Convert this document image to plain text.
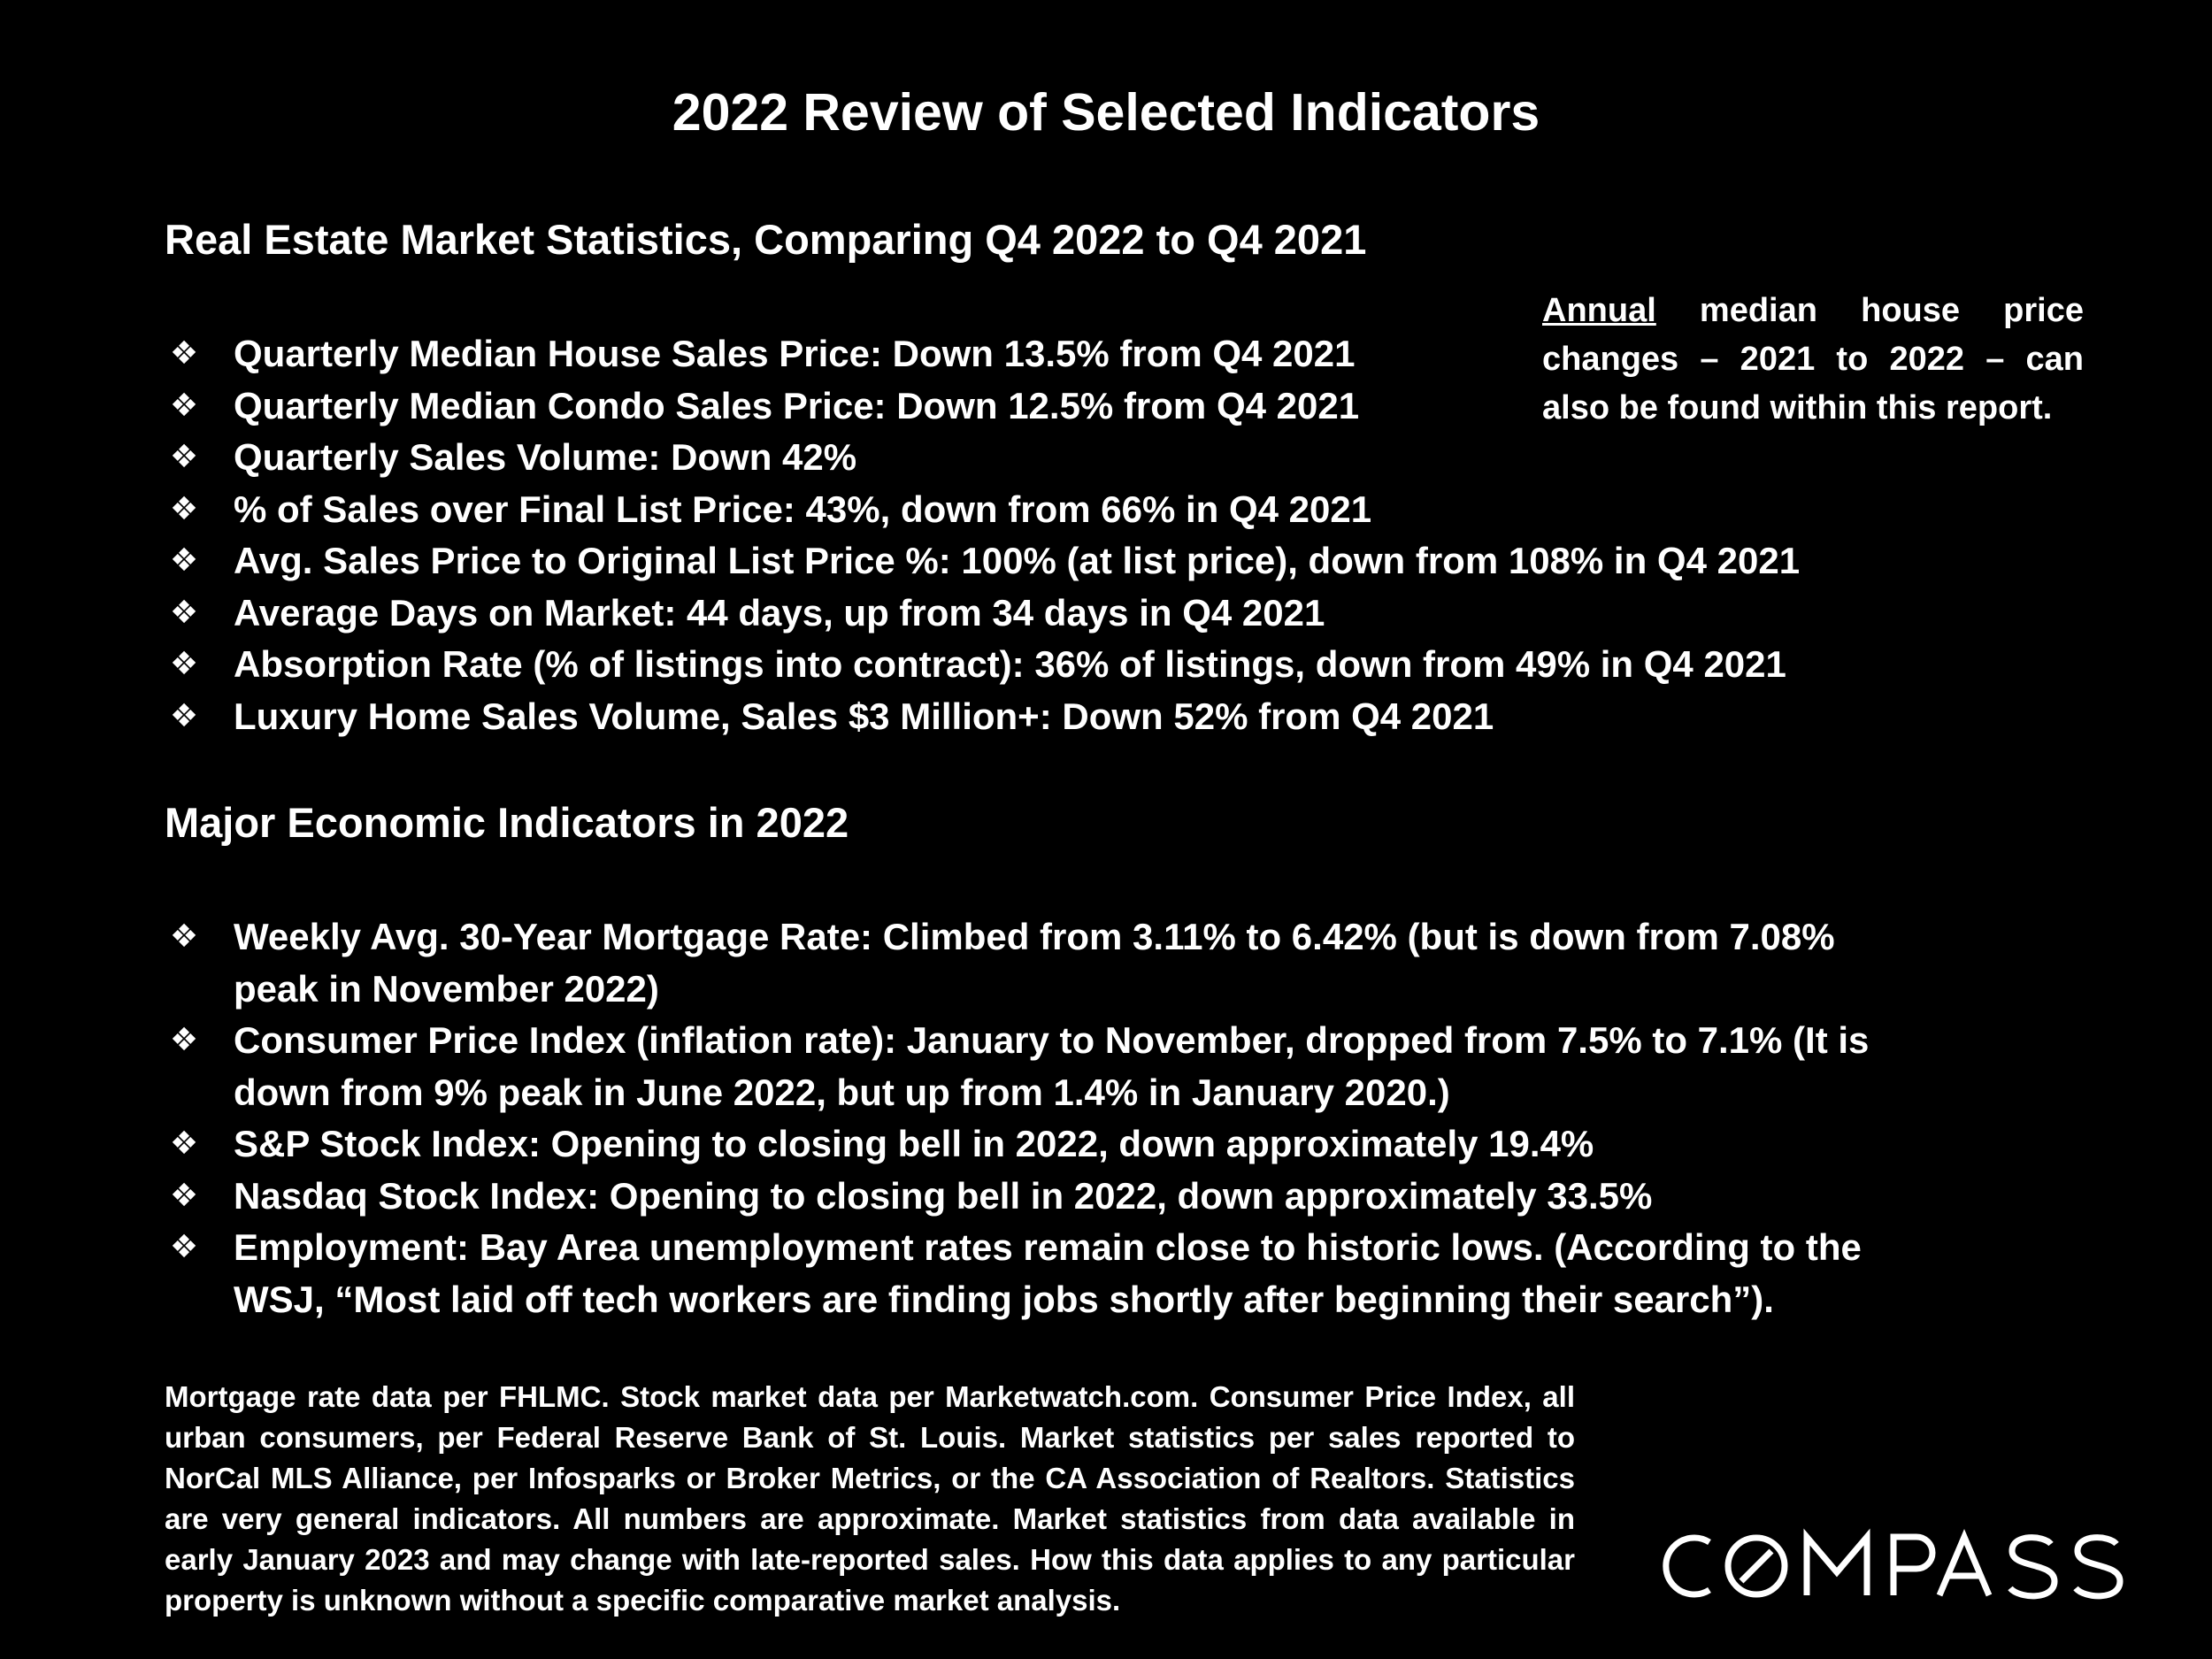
2022 Review of Selected Indicators
Real Estate Market Statistics, Comparing Q4 2022 to Q4 2021

Annual median house price changes – 2021 to 2022 – can also be found within this report.

❖ Quarterly Median House Sales Price: Down 13.5% from Q4 2021
❖ Quarterly Median Condo Sales Price: Down 12.5% from Q4 2021
❖ Quarterly Sales Volume: Down 42%
❖ % of Sales over Final List Price: 43%, down from 66% in Q4 2021
❖ Avg. Sales Price to Original List Price %: 100% (at list price), down from 108% in Q4 2021
❖ Average Days on Market: 44 days, up from 34 days in Q4 2021
❖ Absorption Rate (% of listings into contract): 36% of listings, down from 49% in Q4 2021
❖ Luxury Home Sales Volume, Sales $3 Million+: Down 52% from Q4 2021
Major Economic Indicators in 2022
❖ Weekly Avg. 30-Year Mortgage Rate: Climbed from 3.11% to 6.42% (but is down from 7.08% peak in November 2022)
❖ Consumer Price Index (inflation rate): January to November, dropped from 7.5% to 7.1% (It is down from 9% peak in June 2022, but up from 1.4% in January 2020.)
❖ S&P Stock Index: Opening to closing bell in 2022, down approximately 19.4%
❖ Nasdaq Stock Index: Opening to closing bell in 2022, down approximately 33.5%
❖ Employment: Bay Area unemployment rates remain close to historic lows. (According to the WSJ, “Most laid off tech workers are finding jobs shortly after beginning their search”).

Mortgage rate data per FHLMC. Stock market data per Marketwatch.com. Consumer Price Index, all urban consumers, per Federal Reserve Bank of St. Louis. Market statistics per sales reported to NorCal MLS Alliance, per Infosparks or Broker Metrics, or the CA Association of Realtors. Statistics are very general indicators. All numbers are approximate. Market statistics from data available in early January 2023 and may change with late-reported sales. How this data applies to any particular property is unknown without a specific comparative market analysis.
